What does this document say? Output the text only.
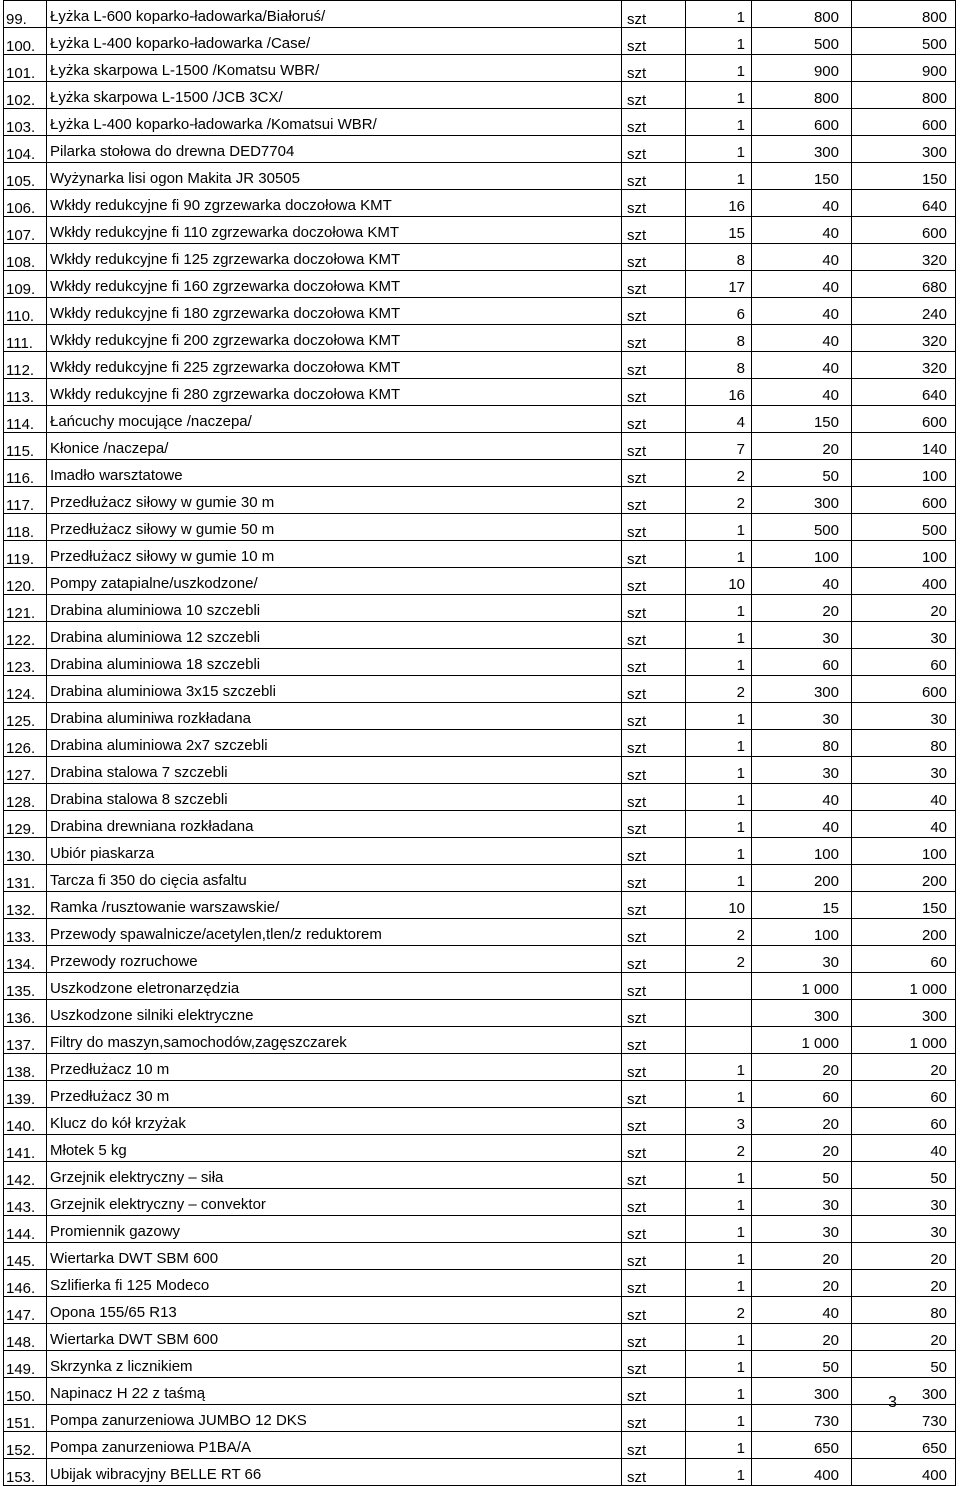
99.	Łyżka L-600 koparko-ładowarka/Białoruś/	szt	1	800	800
100.	Łyżka L-400 koparko-ładowarka /Case/	szt	1	500	500
101.	Łyżka skarpowa L-1500 /Komatsu WBR/	szt	1	900	900
102.	Łyżka skarpowa L-1500 /JCB 3CX/	szt	1	800	800
103.	Łyżka L-400 koparko-ładowarka /Komatsui WBR/	szt	1	600	600
104.	Pilarka stołowa do drewna DED7704	szt	1	300	300
105.	Wyżynarka lisi ogon Makita JR 30505	szt	1	150	150
106.	Wkłdy redukcyjne fi 90 zgrzewarka doczołowa KMT	szt	16	40	640
107.	Wkłdy redukcyjne fi 110 zgrzewarka doczołowa KMT	szt	15	40	600
108.	Wkłdy redukcyjne fi 125 zgrzewarka doczołowa KMT	szt	8	40	320
109.	Wkłdy redukcyjne fi 160 zgrzewarka doczołowa KMT	szt	17	40	680
110.	Wkłdy redukcyjne fi 180 zgrzewarka doczołowa KMT	szt	6	40	240
111.	Wkłdy redukcyjne fi 200 zgrzewarka doczołowa KMT	szt	8	40	320
112.	Wkłdy redukcyjne fi 225 zgrzewarka doczołowa KMT	szt	8	40	320
113.	Wkłdy redukcyjne fi 280 zgrzewarka doczołowa KMT	szt	16	40	640
114.	Łańcuchy mocujące /naczepa/	szt	4	150	600
115.	Kłonice /naczepa/	szt	7	20	140
116.	Imadło warsztatowe	szt	2	50	100
117.	Przedłużacz siłowy w gumie 30 m	szt	2	300	600
118.	Przedłużacz siłowy w gumie 50 m	szt	1	500	500
119.	Przedłużacz siłowy w gumie 10 m	szt	1	100	100
120.	Pompy zatapialne/uszkodzone/	szt	10	40	400
121.	Drabina aluminiowa 10 szczebli	szt	1	20	20
122.	Drabina aluminiowa 12 szczebli	szt	1	30	30
123.	Drabina aluminiowa 18 szczebli	szt	1	60	60
124.	Drabina aluminiowa 3x15 szczebli	szt	2	300	600
125.	Drabina aluminiwa rozkładana	szt	1	30	30
126.	Drabina aluminiowa 2x7 szczebli	szt	1	80	80
127.	Drabina stalowa 7 szczebli	szt	1	30	30
128.	Drabina stalowa 8 szczebli	szt	1	40	40
129.	Drabina drewniana rozkładana	szt	1	40	40
130.	Ubiór piaskarza	szt	1	100	100
131.	Tarcza fi 350 do cięcia asfaltu	szt	1	200	200
132.	Ramka /rusztowanie warszawskie/	szt	10	15	150
133.	Przewody spawalnicze/acetylen,tlen/z reduktorem	szt	2	100	200
134.	Przewody rozruchowe	szt	2	30	60
135.	Uszkodzone eletronarzędzia	szt		1 000	1 000
136.	Uszkodzone silniki elektryczne	szt		300	300
137.	Filtry do maszyn,samochodów,zagęszczarek	szt		1 000	1 000
138.	Przedłużacz 10 m	szt	1	20	20
139.	Przedłużacz 30 m	szt	1	60	60
140.	Klucz do kół krzyżak	szt	3	20	60
141.	Młotek 5 kg	szt	2	20	40
142.	Grzejnik elektryczny – siła	szt	1	50	50
143.	Grzejnik elektryczny – convektor	szt	1	30	30
144.	Promiennik gazowy	szt	1	30	30
145.	Wiertarka DWT SBM 600	szt	1	20	20
146.	Szlifierka fi 125 Modeco	szt	1	20	20
147.	Opona 155/65 R13	szt	2	40	80
148.	Wiertarka DWT SBM 600	szt	1	20	20
149.	Skrzynka z licznikiem	szt	1	50	50
150.	Napinacz H 22 z taśmą	szt	1	300	300
151.	Pompa zanurzeniowa JUMBO 12 DKS	szt	1	730	730
152.	Pompa zanurzeniowa P1BA/A	szt	1	650	650
153.	Ubijak wibracyjny BELLE RT 66	szt	1	400	400
3
